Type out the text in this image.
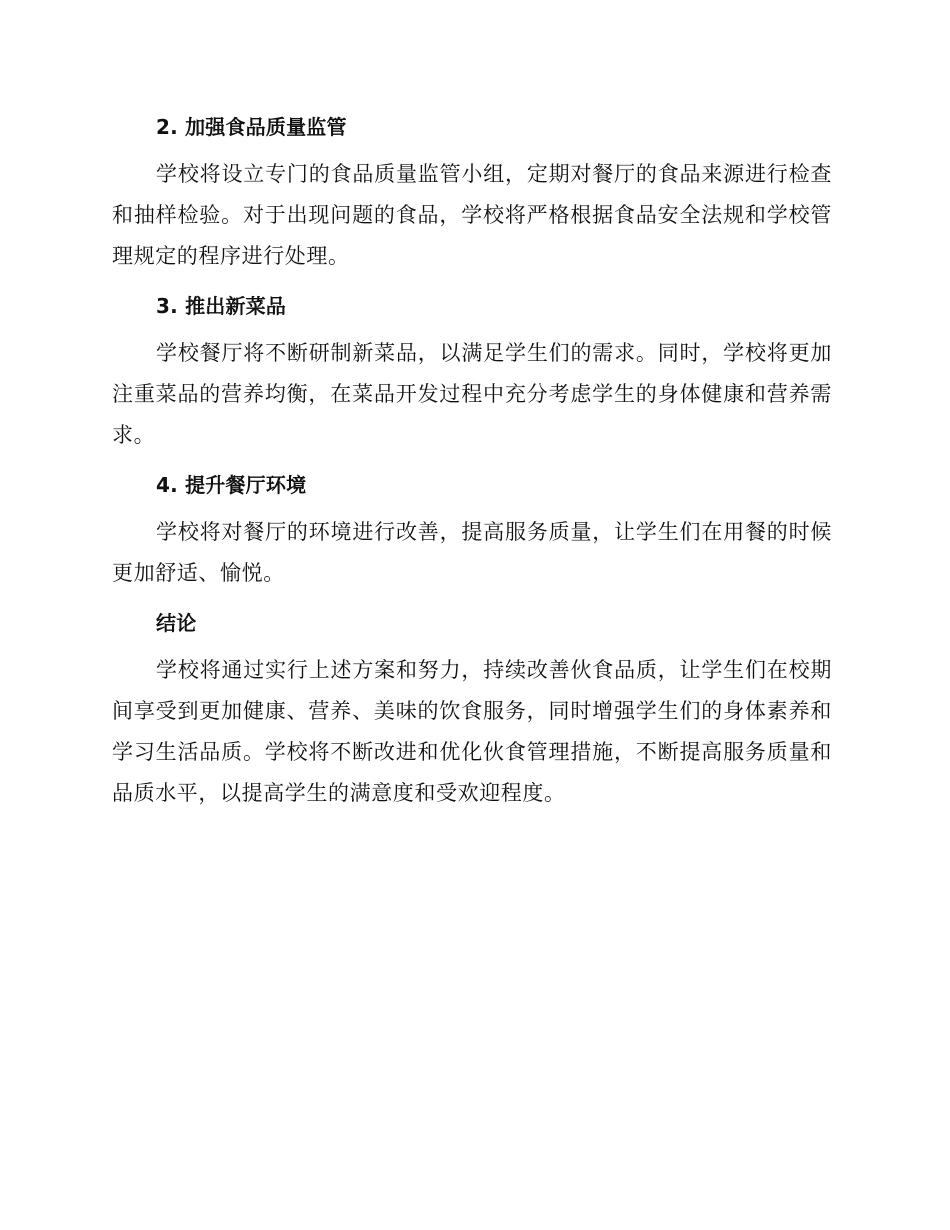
2. 加强食品质量监管

学校将设立专门的食品质量监管小组，定期对餐厅的食品来源进行检查和抽样检验。对于出现问题的食品，学校将严格根据食品安全法规和学校管理规定的程序进行处理。

3. 推出新菜品

学校餐厅将不断研制新菜品，以满足学生们的需求。同时，学校将更加注重菜品的营养均衡，在菜品开发过程中充分考虑学生的身体健康和营养需求。

4. 提升餐厅环境

学校将对餐厅的环境进行改善，提高服务质量，让学生们在用餐的时候更加舒适、愉悦。

结论

学校将通过实行上述方案和努力，持续改善伙食品质，让学生们在校期间享受到更加健康、营养、美味的饮食服务，同时增强学生们的身体素养和学习生活品质。学校将不断改进和优化伙食管理措施，不断提高服务质量和品质水平，以提高学生的满意度和受欢迎程度。
